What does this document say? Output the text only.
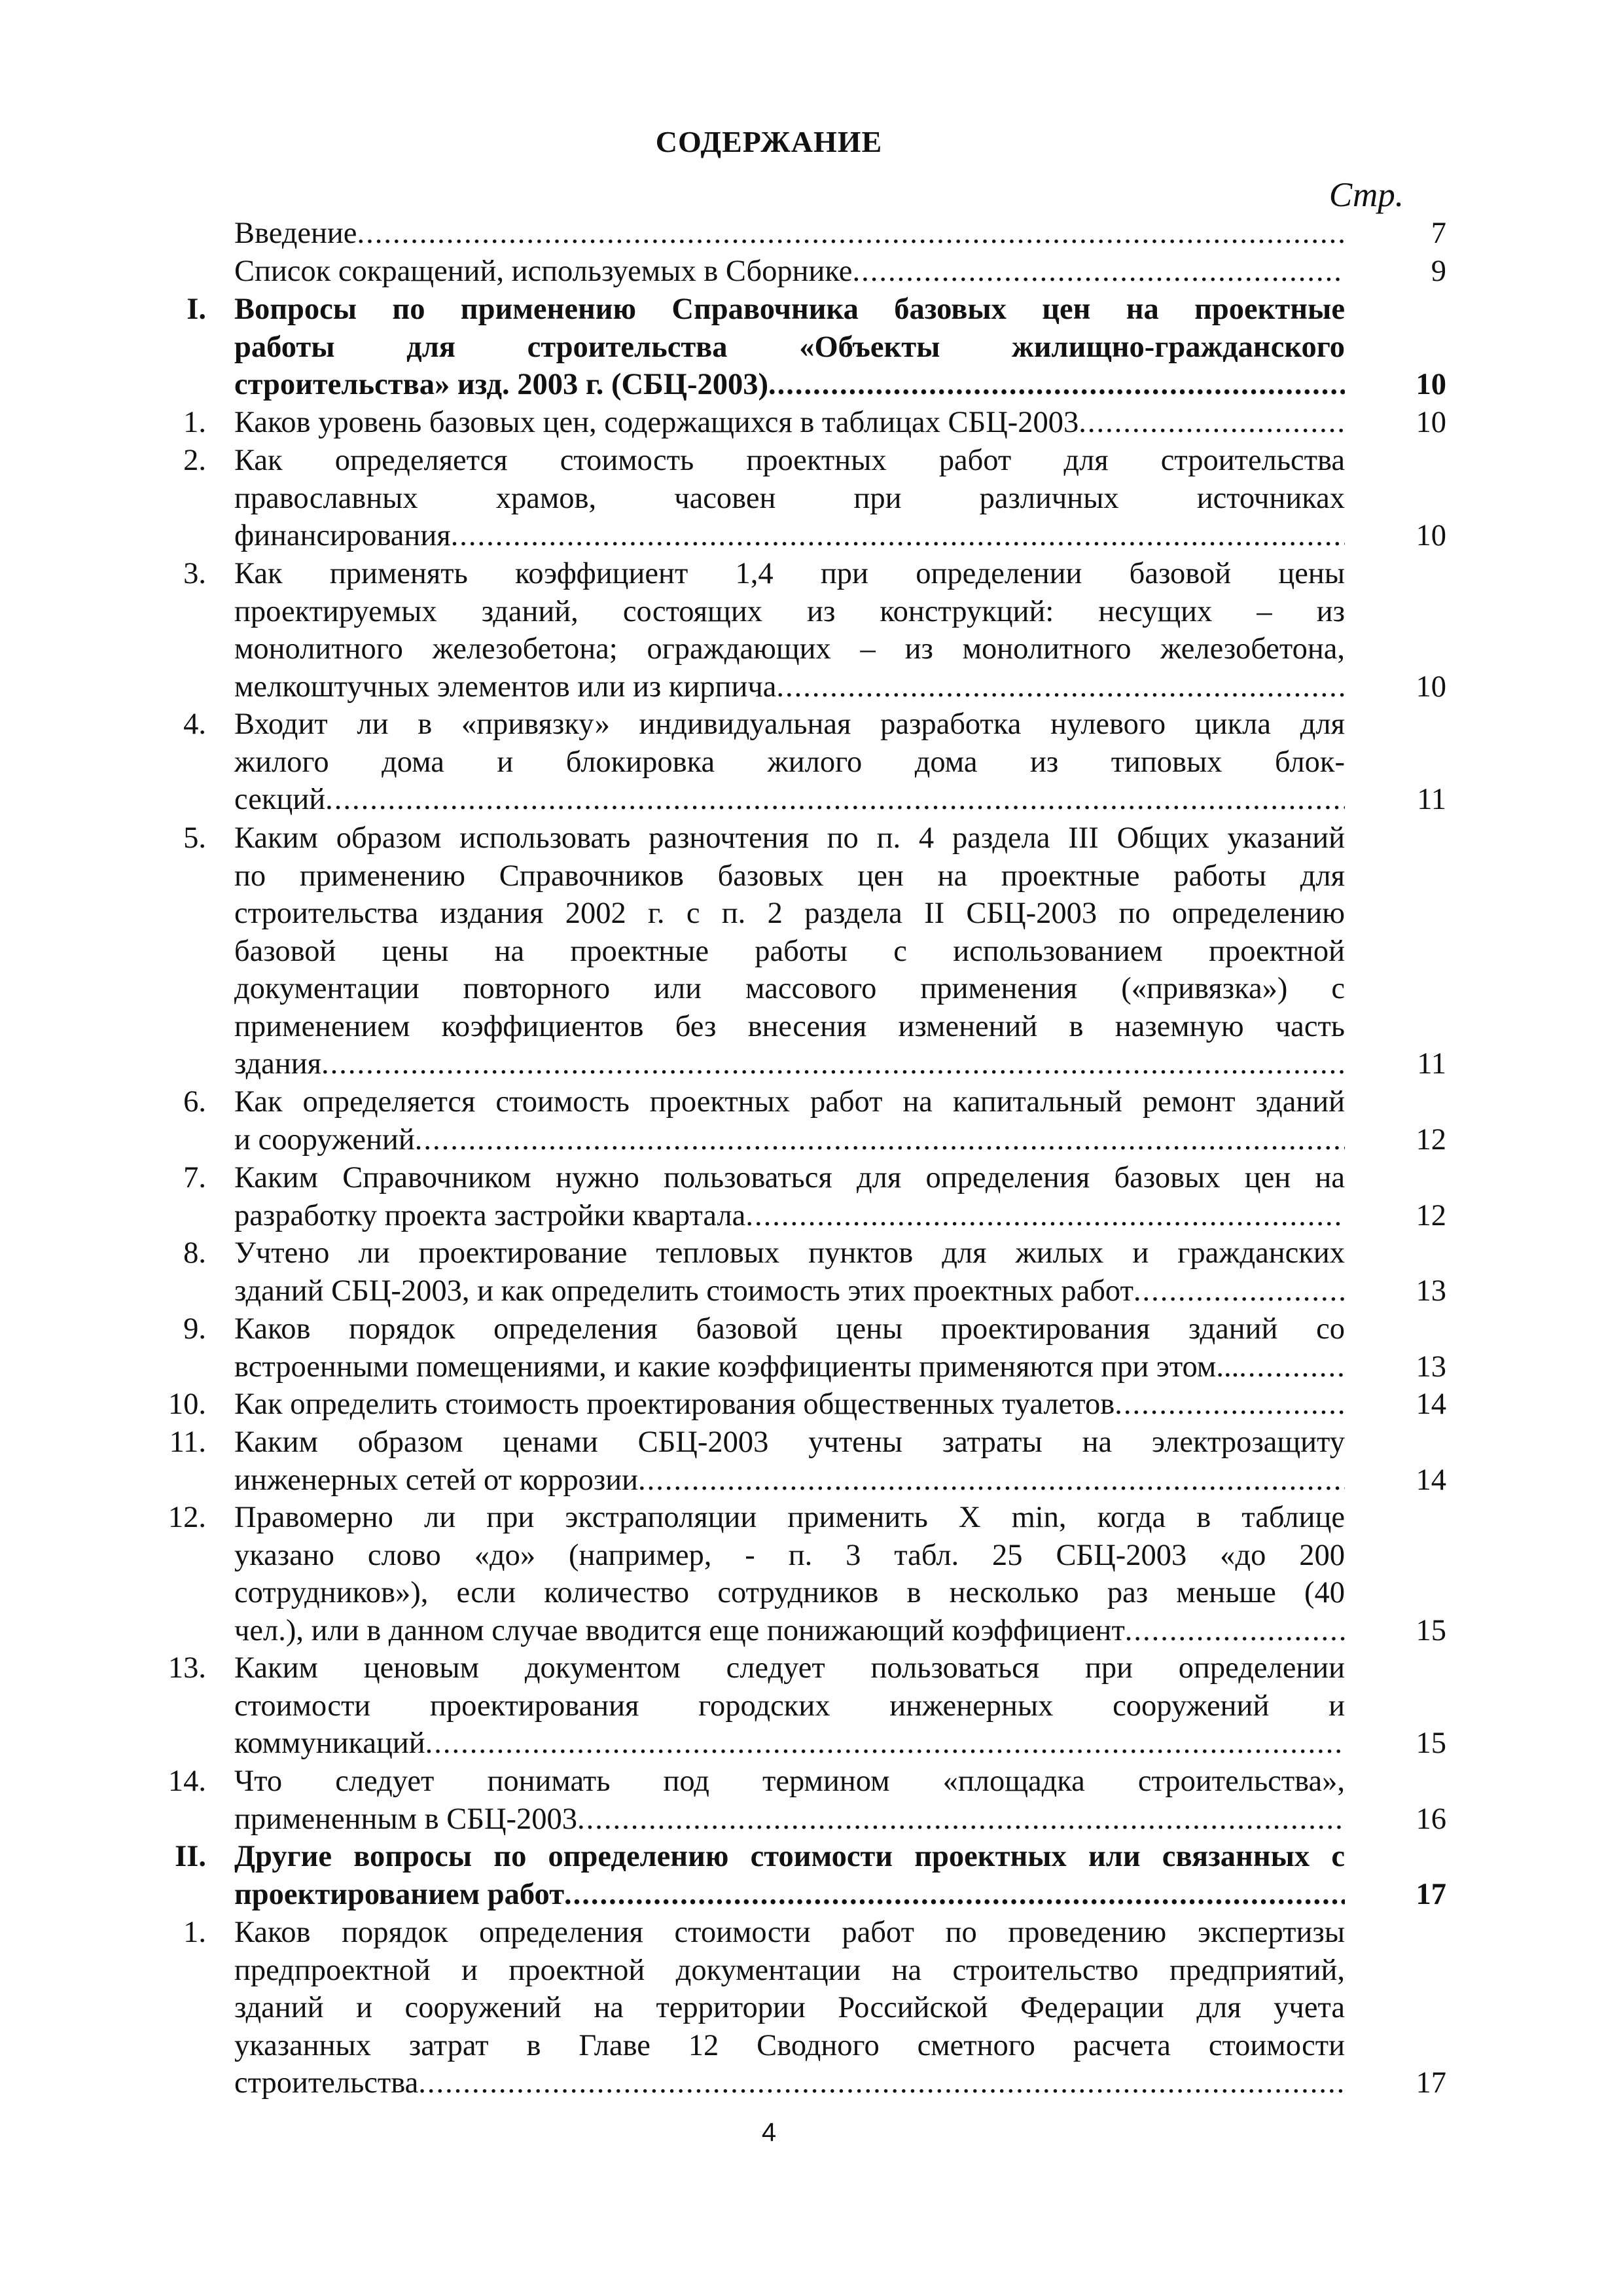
СОДЕРЖАНИЕ
Стр.
Введение .....	7
Список сокращений, используемых в Сборнике .....	9
I. Вопросы по применению Справочника базовых цен на проектные
работы для строительства «Объекты жилищно-гражданского
строительства» изд. 2003 г. (СБЦ-2003) .....	10
1. Каков уровень базовых цен, содержащихся в таблицах СБЦ-2003 .....	10
2. Как определяется стоимость проектных работ для строительства
православных храмов, часовен при различных источниках
финансирования .....	10
3. Как применять коэффициент 1,4 при определении базовой цены
проектируемых зданий, состоящих из конструкций: несущих – из
монолитного железобетона; ограждающих – из монолитного железобетона,
мелкоштучных элементов или из кирпича .....	10
4. Входит ли в «привязку» индивидуальная разработка нулевого цикла для
жилого дома и блокировка жилого дома из типовых блок-
секций .....	11
5. Каким образом использовать разночтения по п. 4 раздела III Общих указаний
по применению Справочников базовых цен на проектные работы для
строительства издания 2002 г. с п. 2 раздела II СБЦ-2003 по определению
базовой цены на проектные работы с использованием проектной
документации повторного или массового применения («привязка») с
применением коэффициентов без внесения изменений в наземную часть
здания .....	11
6. Как определяется стоимость проектных работ на капитальный ремонт зданий
и сооружений .....	12
7. Каким Справочником нужно пользоваться для определения базовых цен на
разработку проекта застройки квартала .....	12
8. Учтено ли проектирование тепловых пунктов для жилых и гражданских
зданий СБЦ-2003, и как определить стоимость этих проектных работ .....	13
9. Каков порядок определения базовой цены проектирования зданий со
встроенными помещениями, и какие коэффициенты применяются при этом... .....	13
10. Как определить стоимость проектирования общественных туалетов .....	14
11. Каким образом ценами СБЦ-2003 учтены затраты на электрозащиту
инженерных сетей от коррозии .....	14
12. Правомерно ли при экстраполяции применить X min, когда в таблице
указано слово «до» (например, - п. 3 табл. 25 СБЦ-2003 «до 200
сотрудников»), если количество сотрудников в несколько раз меньше (40
чел.), или в данном случае вводится еще понижающий коэффициент .....	15
13. Каким ценовым документом следует пользоваться при определении
стоимости проектирования городских инженерных сооружений и
коммуникаций .....	15
14. Что следует понимать под термином «площадка строительства»,
примененным в СБЦ-2003 .....	16
II. Другие вопросы по определению стоимости проектных или связанных с
проектированием работ .....	17
1. Каков порядок определения стоимости работ по проведению экспертизы
предпроектной и проектной документации на строительство предприятий,
зданий и сооружений на территории Российской Федерации для учета
указанных затрат в Главе 12 Сводного сметного расчета стоимости
строительства .....	17
4
